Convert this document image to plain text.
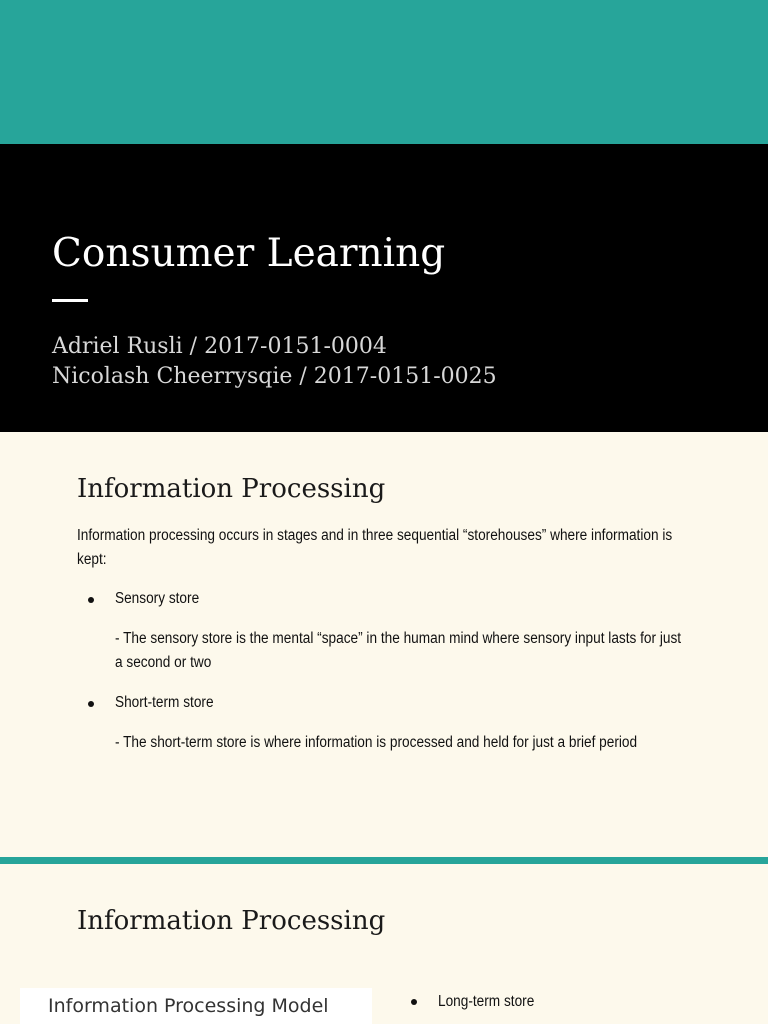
Consumer Learning
Adriel Rusli / 2017-0151-0004
Nicolash Cheerrysqie / 2017-0151-0025
Information Processing
Information processing occurs in stages and in three sequential “storehouses” where information is kept:
Sensory store
- The sensory store is the mental “space” in the human mind where sensory input lasts for just a second or two
Short-term store
- The short-term store is where information is processed and held for just a brief period
Information Processing
Information Processing Model	Long-term store
